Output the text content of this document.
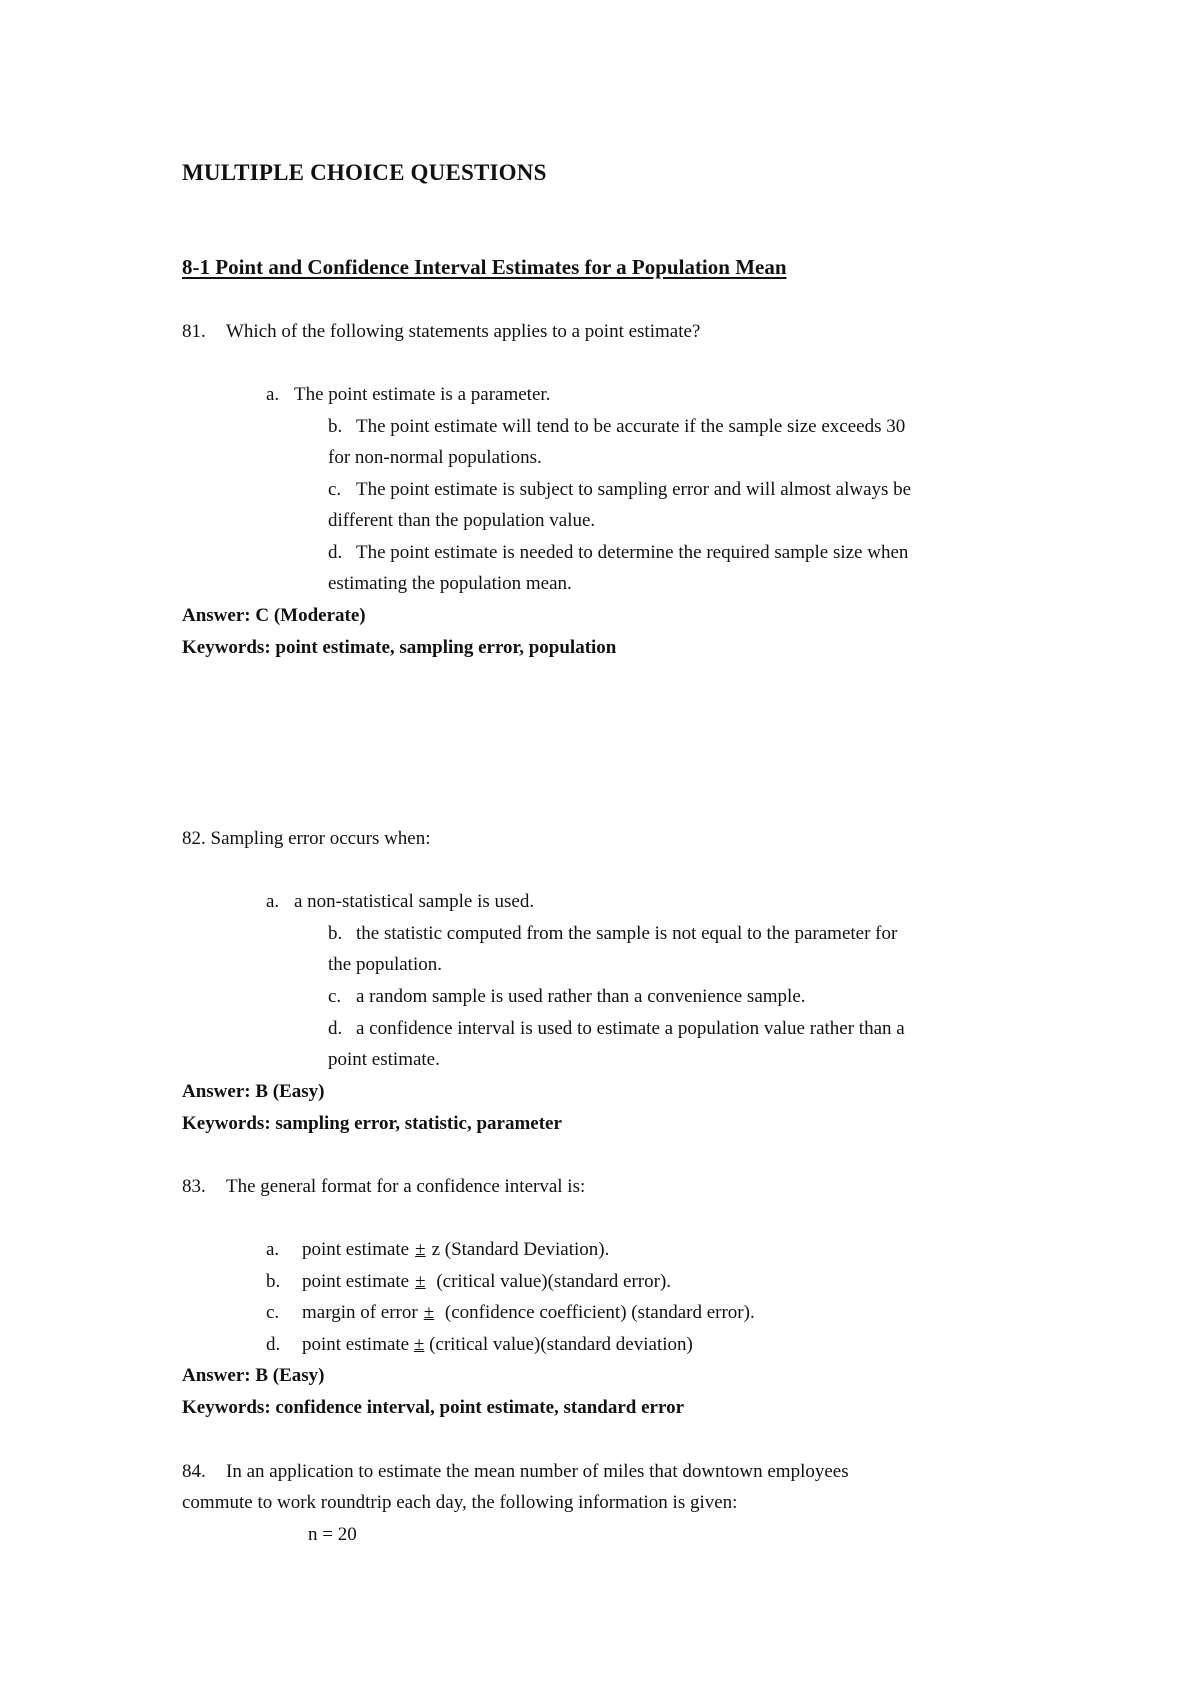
MULTIPLE CHOICE QUESTIONS
8-1 Point and Confidence Interval Estimates for a Population Mean
81. Which of the following statements applies to a point estimate?
a. The point estimate is a parameter.
b. The point estimate will tend to be accurate if the sample size exceeds 30
for non-normal populations.
c. The point estimate is subject to sampling error and will almost always be
different than the population value.
d. The point estimate is needed to determine the required sample size when
estimating the population mean.
Answer: C (Moderate)
Keywords: point estimate, sampling error, population
82. Sampling error occurs when:
a. a non-statistical sample is used.
b. the statistic computed from the sample is not equal to the parameter for
the population.
c. a random sample is used rather than a convenience sample.
d. a confidence interval is used to estimate a population value rather than a
point estimate.
Answer: B (Easy)
Keywords: sampling error, statistic, parameter
83. The general format for a confidence interval is:
a. point estimate ± z (Standard Deviation).
b. point estimate ± (critical value)(standard error).
c. margin of error ± (confidence coefficient) (standard error).
d. point estimate ± (critical value)(standard deviation)
Answer: B (Easy)
Keywords: confidence interval, point estimate, standard error
84. In an application to estimate the mean number of miles that downtown employees
commute to work roundtrip each day, the following information is given:
n = 20
